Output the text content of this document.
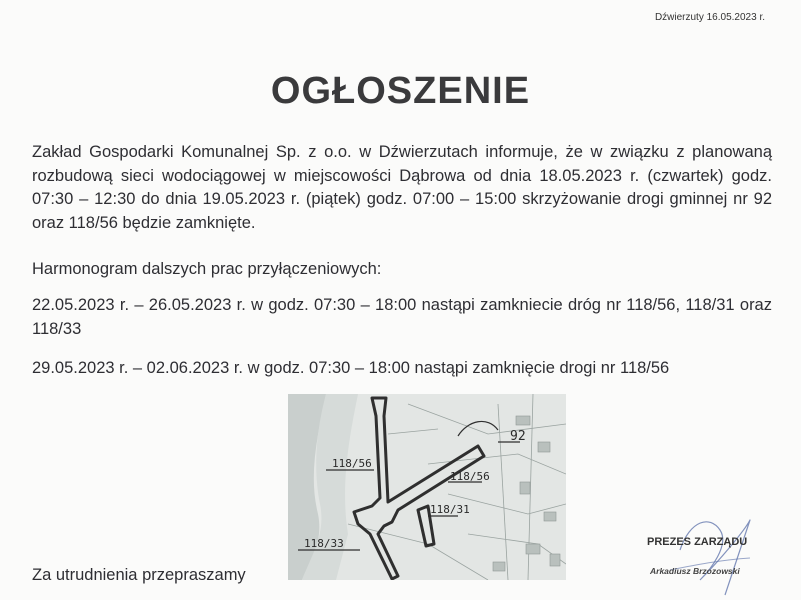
Dźwierzuty 16.05.2023 r.
OGŁOSZENIE
Zakład Gospodarki Komunalnej Sp. z o.o. w Dźwierzutach informuje, że w związku z planowaną rozbudową sieci wodociągowej w miejscowości Dąbrowa od dnia 18.05.2023 r. (czwartek) godz. 07:30 – 12:30 do dnia 19.05.2023 r. (piątek) godz. 07:00 – 15:00 skrzyżowanie drogi gminnej nr 92 oraz 118/56 będzie zamknięte.
Harmonogram dalszych prac przyłączeniowych:
22.05.2023 r. – 26.05.2023 r. w godz. 07:30 – 18:00 nastąpi zamkniecie dróg nr 118/56, 118/31 oraz 118/33
29.05.2023 r. – 02.06.2023 r. w godz. 07:30 – 18:00 nastąpi zamknięcie drogi nr 118/56
118/56
118/56
118/31
118/33
92
PREZES ZARZĄDU
Arkadiusz Brzozowski
Za utrudnienia przepraszamy
